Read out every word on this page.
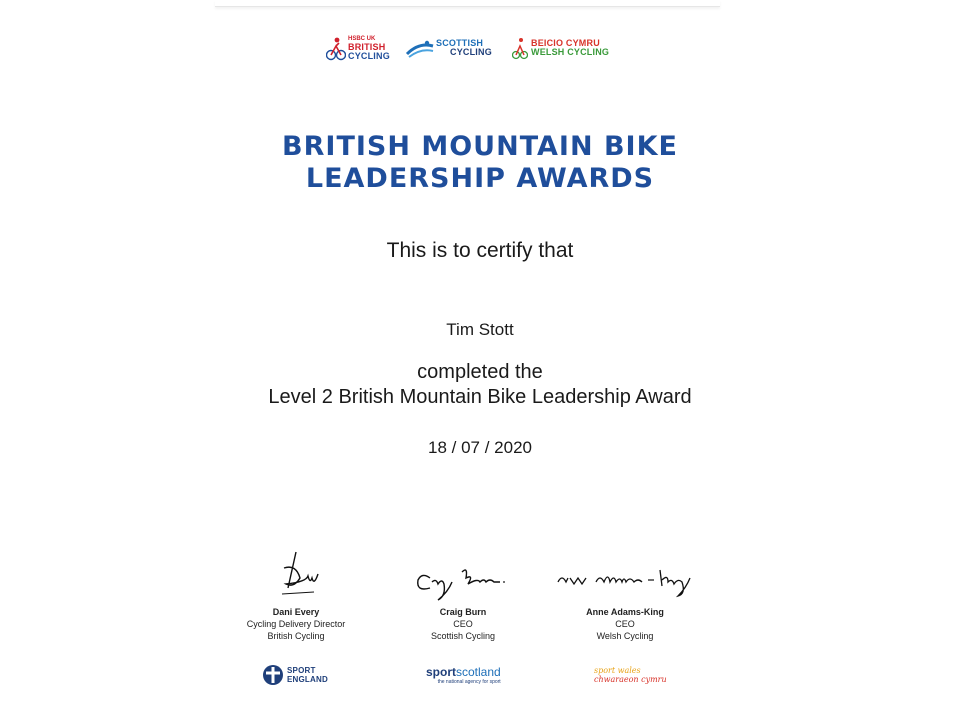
HSBC UK
BRITISH
CYCLING
SCOTTISH
CYCLING
BEICIO CYMRU
WELSH CYCLING
BRITISH MOUNTAIN BIKE
LEADERSHIP AWARDS
This is to certify that
Tim Stott
completed the
Level 2 British Mountain Bike Leadership Award
18 / 07 / 2020
Dani Every
Cycling Delivery Director
British Cycling
Craig Burn
CEO
Scottish Cycling
Anne Adams-King
CEO
Welsh Cycling
SPORT
ENGLAND
sportscotland
the national agency for sport
sport wales
chwaraeon cymru
